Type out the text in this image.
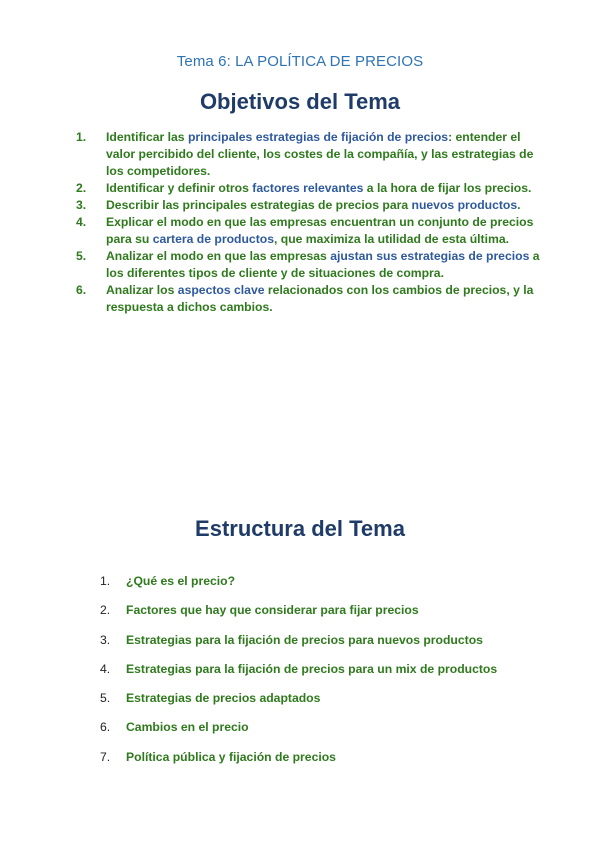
Tema 6: LA POLÍTICA DE PRECIOS
Objetivos del Tema
1.	Identificar las principales estrategias de fijación de precios: entender el valor percibido del cliente, los costes de la compañía, y las estrategias de los competidores.
2.	Identificar y definir otros factores relevantes a la hora de fijar los precios.
3.	Describir las principales estrategias de precios para nuevos productos.
4.	Explicar el modo en que las empresas encuentran un conjunto de precios para su cartera de productos, que maximiza la utilidad de esta última.
5.	Analizar el modo en que las empresas ajustan sus estrategias de precios a los diferentes tipos de cliente y de situaciones de compra.
6.	Analizar los aspectos clave relacionados con los cambios de precios, y la respuesta a dichos cambios.
Estructura del Tema
1.	¿Qué es el precio?
2.	Factores que hay que considerar para fijar precios
3.	Estrategias para la fijación de precios para nuevos productos
4.	Estrategias para la fijación de precios para un mix de productos
5.	Estrategias de precios adaptados
6.	Cambios en el precio
7.	Política pública y fijación de precios
